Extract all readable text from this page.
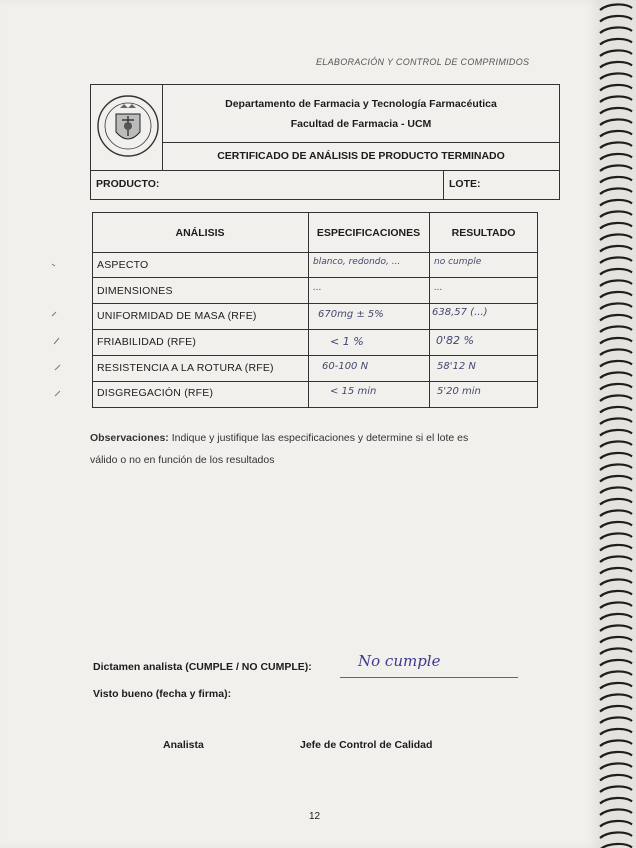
ELABORACIÓN Y CONTROL DE COMPRIMIDOS
Departamento de Farmacia y Tecnología Farmacéutica
Facultad de Farmacia - UCM
CERTIFICADO DE ANÁLISIS DE PRODUCTO TERMINADO
PRODUCTO:	LOTE:
ANÁLISIS	ESPECIFICACIONES	RESULTADO
ASPECTO	blanco, redondo, ...	no cumple
DIMENSIONES	...	...
UNIFORMIDAD DE MASA (RFE)	670mg ± 5%	638,57 (...)
FRIABILIDAD (RFE)	< 1 %	0'82 %
RESISTENCIA A LA ROTURA (RFE)	60-100 N	58'12 N
DISGREGACIÓN (RFE)	< 15 min	5'20 min
Observaciones: Indique y justifique las especificaciones y determine si el lote es
válido o no en función de los resultados
Dictamen analista (CUMPLE / NO CUMPLE):	No cumple
Visto bueno (fecha y firma):
Analista	Jefe de Control de Calidad
12
